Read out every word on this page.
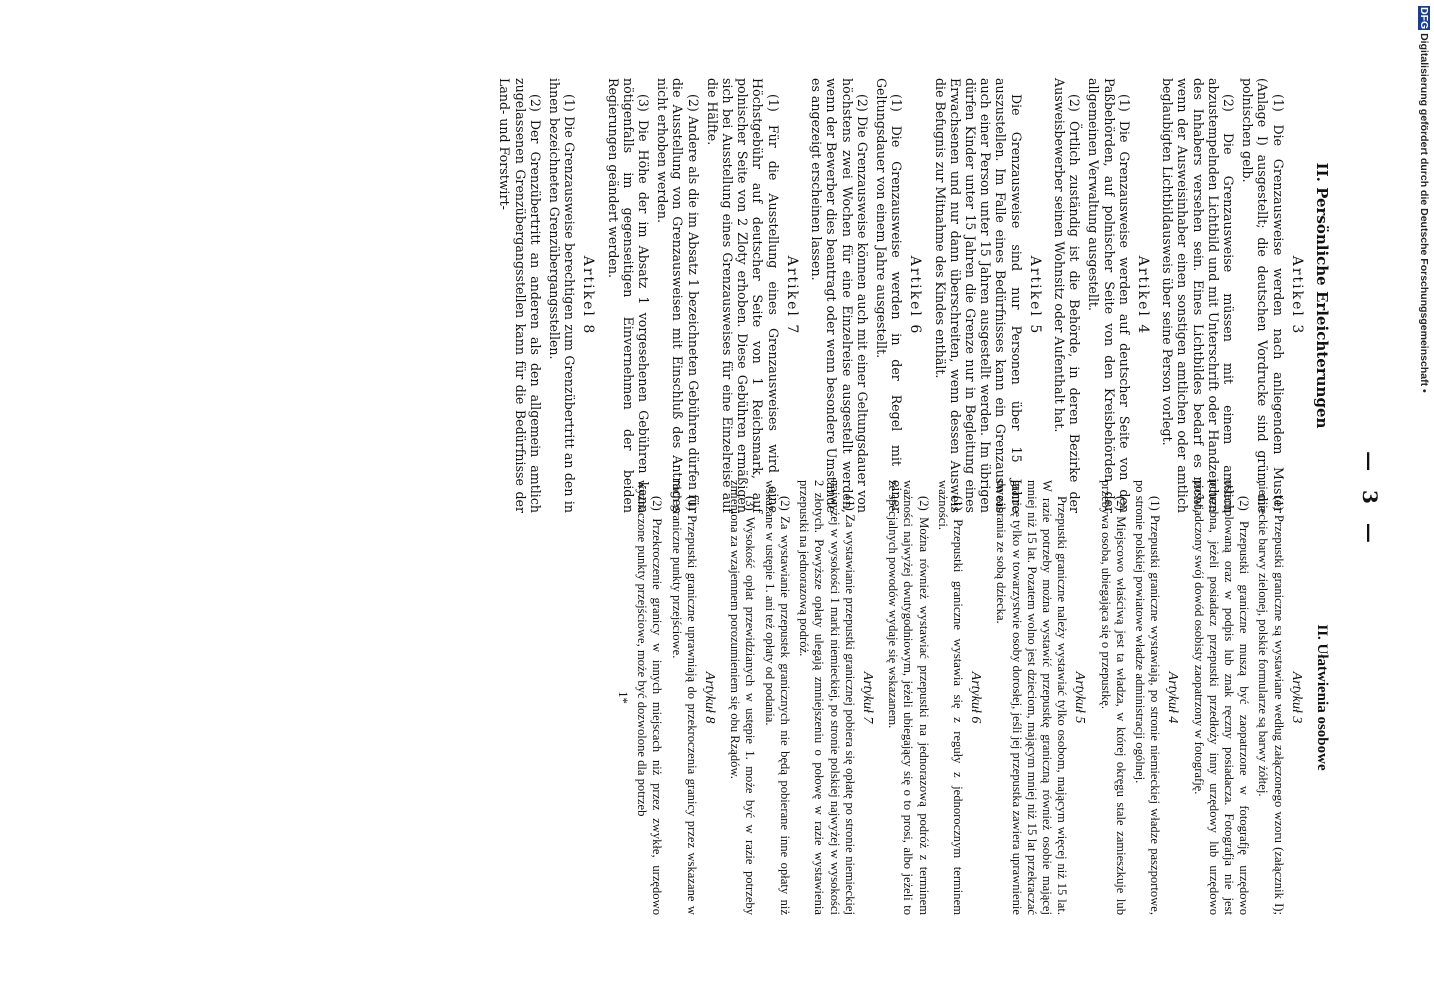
— 3 —
II. Persönliche Erleichterungen
Artikel 3

(1) Die Grenzausweise werden nach anliegendem Muster (Anlage I) ausgestellt; die deutschen Vordrucke sind grün, die polnischen gelb.

(2) Die Grenzausweise müssen mit einem amtlich abzustempelnden Lichtbild und mit Unterschrift oder Handzeichen des Inhabers versehen sein. Eines Lichtbildes bedarf es nicht, wenn der Ausweisinhaber einen sonstigen amtlichen oder amtlich beglaubigten Lichtbildausweis über seine Person vorlegt.

Artikel 4

(1) Die Grenzausweise werden auf deutscher Seite von den Paßbehörden, auf polnischer Seite von den Kreisbehörden der allgemeinen Verwaltung ausgestellt.

(2) Örtlich zuständig ist die Behörde, in deren Bezirke der Ausweisbewerber seinen Wohnsitz oder Aufenthalt hat.

Artikel 5

Die Grenzausweise sind nur Personen über 15 Jahre auszustellen. Im Falle eines Bedürfnisses kann ein Grenzausweis auch einer Person unter 15 Jahren ausgestellt werden. Im übrigen dürfen Kinder unter 15 Jahren die Grenze nur in Begleitung eines Erwachsenen und nur dann überschreiten, wenn dessen Ausweis die Befugnis zur Mitnahme des Kindes enthält.

Artikel 6

(1) Die Grenzausweise werden in der Regel mit einer Geltungsdauer von einem Jahre ausgestellt.

(2) Die Grenzausweise können auch mit einer Geltungsdauer von höchstens zwei Wochen für eine Einzelreise ausgestellt werden, wenn der Bewerber dies beantragt oder wenn besondere Umstände es angezeigt erscheinen lassen.

Artikel 7

(1) Für die Ausstellung eines Grenzausweises wird eine Höchstgebühr auf deutscher Seite von 1 Reichsmark, auf polnischer Seite von 2 Zloty erhoben. Diese Gebühren ermäßigen sich bei Ausstellung eines Grenzausweises für eine Einzelreise auf die Hälfte.

(2) Andere als die im Absatz 1 bezeichneten Gebühren dürfen für die Ausstellung von Grenzausweisen mit Einschluß des Antrages nicht erhoben werden.

(3) Die Höhe der im Absatz 1 vorgesehenen Gebühren kann nötigenfalls im gegenseitigen Einvernehmen der beiden Regierungen geändert werden.

Artikel 8

(1) Die Grenzausweise berechtigen zum Grenzübertritt an den in ihnen bezeichneten Grenzübergangsstellen.

(2) Der Grenzübertritt an anderen als den allgemein amtlich zugelassenen Grenzübergangsstellen kann für die Bedürfnisse der Land- und Forstwirt-

II. Ułatwienia osobowe
Artykuł 3

(1) Przepustki graniczne są wystawiane według załączonego wzoru (załącznik I); niemieckie barwy zielonej, polskie formularze są barwy żółtej.

(2) Przepustki graniczne muszą być zaopatrzone w fotografję urzędowo ostemplowaną oraz w podpis lub znak ręczny posiadacza. Fotografja nie jest potrzebna, jeżeli posiadacz przepustki przedłoży inny urzędowy lub urzędowo poświadczony swój dowód osobisty zaopatrzony w fotografję.

Artykuł 4

(1) Przepustki graniczne wystawiają, po stronie niemieckiej władze paszportowe, po stronie polskiej powiatowe władze administracji ogólnej.

(2) Miejscowo właściwą jest ta władza, w której okręgu stale zamieszkuje lub przebywa osoba, ubiegająca się o przepustkę.

Artykuł 5

Przepustki graniczne należy wystawiać tylko osobom, mającym więcej niż 15 lat. W razie potrzeby można wystawić przepustkę graniczną również osobie mającej mniej niż 15 lat. Pozatem wolno jest dzieciom, mającym mniej niż 15 lat przekraczać granicę tylko w towarzystwie osoby dorosłej, jeśli jej przepustka zawiera uprawnienie do zabrania ze sobą dziecka.

Artykuł 6

(1) Przepustki graniczne wystawia się z reguły z jednorocznym terminem ważności.

(2) Można również wystawiać przepustki na jednorazową podróż z terminem ważności najwyżej dwutygodniowym, jeżeli ubiegający się o to prosi, albo jeżeli to ze specjalnych powodów wydaje się wskazanem.

Artykuł 7

(1) Za wystawianie przepustki granicznej pobiera się opłatę po stronie niemieckiej najwyżej w wysokości 1 marki niemieckiej, po stronie polskiej najwyżej w wysokości 2 złotych. Powyższe opłaty ulegają zmniejszeniu o połowę w razie wystawienia przepustki na jednorazową podróż.

(2) Za wystawianie przepustek granicznych nie będą pobierane inne opłaty niż wskazane w ustępie 1. ani też opłaty od podania.

(3) Wysokość opłat przewidzianych w ustępie 1. może być w razie potrzeby zmieniona za wzajemnem porozumieniem się obu Rządów.

Artykuł 8

(1) Przepustki graniczne uprawniają do przekroczenia granicy przez wskazane w nich graniczne punkty przejściowe.

(2) Przekroczenie granicy w innych miejscach niż przez zwykłe, urzędowo wyznaczone punkty przejściowe, może być dozwolone dla potrzeb

1*
DFG Digitalisierung gefördert durch die Deutsche Forschungsgemeinschaft •
